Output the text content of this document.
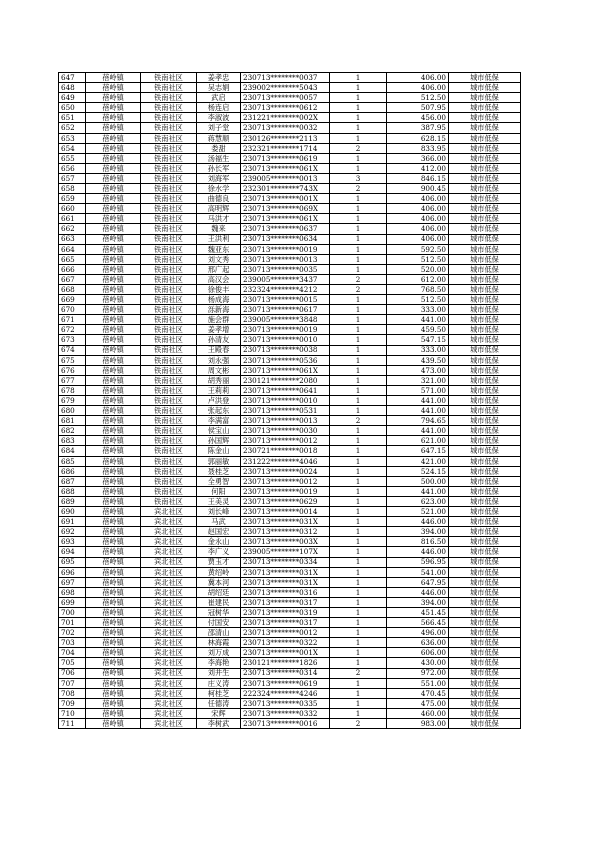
647	蓓岭镇	铁南社区	姜孝忠	230713********0037	1	406.00	城市低保
648	蓓岭镇	铁南社区	吴志娟	239002********5043	1	406.00	城市低保
649	蓓岭镇	铁南社区	武启	230713********0057	1	512.50	城市低保
650	蓓岭镇	铁南社区	杨连启	230713********0612	1	507.95	城市低保
651	蓓岭镇	铁南社区	李淑波	231221********002X	1	456.00	城市低保
652	蓓岭镇	铁南社区	刘子堂	230713********0032	1	387.95	城市低保
653	蓓岭镇	铁南社区	蒋慧顺	230126********2113	1	628.15	城市低保
654	蓓岭镇	铁南社区	娄甜	232321********1714	2	833.95	城市低保
655	蓓岭镇	铁南社区	汤福生	230713********0619	1	366.00	城市低保
656	蓓岭镇	铁南社区	孙长军	230713********061X	1	412.00	城市低保
657	蓓岭镇	铁南社区	刘海军	239005********0013	3	846.15	城市低保
658	蓓岭镇	铁南社区	徐水学	232301********743X	2	900.45	城市低保
659	蓓岭镇	铁南社区	曲德良	230713********001X	1	406.00	城市低保
660	蓓岭镇	铁南社区	高明辉	230713********069X	1	406.00	城市低保
661	蓓岭镇	铁南社区	马洪才	230713********061X	1	406.00	城市低保
662	蓓岭镇	铁南社区	魏来	230713********0637	1	406.00	城市低保
663	蓓岭镇	铁南社区	王洪利	230713********0634	1	406.00	城市低保
664	蓓岭镇	铁南社区	魏亚东	230713********0019	1	592.50	城市低保
665	蓓岭镇	铁南社区	刘文秀	230713********0013	1	512.50	城市低保
666	蓓岭镇	铁南社区	邢广起	230713********0035	1	520.00	城市低保
667	蓓岭镇	铁南社区	高汉会	239005********3437	2	612.00	城市低保
668	蓓岭镇	铁南社区	徐俊丰	232324********4212	2	768.50	城市低保
669	蓓岭镇	铁南社区	杨成海	230713********0015	1	512.50	城市低保
670	蓓岭镇	铁南社区	泺新海	230713********0617	1	333.00	城市低保
671	蓓岭镇	铁南社区	施会群	239005********3848	1	441.00	城市低保
672	蓓岭镇	铁南社区	姜孝增	230713********0019	1	459.50	城市低保
673	蓓岭镇	铁南社区	孙清友	230713********0010	1	547.15	城市低保
674	蓓岭镇	铁南社区	王殿春	230713********0038	1	333.00	城市低保
675	蓓岭镇	铁南社区	刘永强	230713********0536	1	439.50	城市低保
676	蓓岭镇	铁南社区	周文彬	230713********061X	1	473.00	城市低保
677	蓓岭镇	铁南社区	胡秀丽	230121********2080	1	321.00	城市低保
678	蓓岭镇	铁南社区	王莉莉	230713********0641	1	571.00	城市低保
679	蓓岭镇	铁南社区	卢洪登	230713********0010	1	441.00	城市低保
680	蓓岭镇	铁南社区	张起东	230713********0531	1	441.00	城市低保
681	蓓岭镇	铁南社区	李满富	230713********0013	2	794.65	城市低保
682	蓓岭镇	铁南社区	侯宝山	230713********0030	1	441.00	城市低保
683	蓓岭镇	铁南社区	孙国辉	230713********0012	1	621.00	城市低保
684	蓓岭镇	铁南社区	陈金山	230721********0018	1	647.15	城市低保
685	蓓岭镇	铁南社区	郭丽敏	231222********4046	1	421.00	城市低保
686	蓓岭镇	铁南社区	聂桂芝	230713********0024	1	524.15	城市低保
687	蓓岭镇	铁南社区	全勇智	230713********0012	1	500.00	城市低保
688	蓓岭镇	铁南社区	何阳	230713********0019	1	441.00	城市低保
689	蓓岭镇	铁南社区	王美灵	230713********0629	1	623.00	城市低保
690	蓓岭镇	宾北社区	刘长峰	230713********0014	1	521.00	城市低保
691	蓓岭镇	宾北社区	马武	230713********031X	1	446.00	城市低保
692	蓓岭镇	宾北社区	赵国宏	230713********0312	1	394.00	城市低保
693	蓓岭镇	宾北社区	金永山	230713********003X	1	816.50	城市低保
694	蓓岭镇	宾北社区	李广义	239005********107X	1	446.00	城市低保
695	蓓岭镇	宾北社区	贾玉才	230713********0334	1	596.95	城市低保
696	蓓岭镇	宾北社区	黄绍岭	230713********031X	1	541.00	城市低保
697	蓓岭镇	宾北社区	冀本河	230713********031X	1	647.95	城市低保
698	蓓岭镇	宾北社区	胡绍廷	230713********0316	1	446.00	城市低保
699	蓓岭镇	宾北社区	崔建民	230713********0317	1	394.00	城市低保
700	蓓岭镇	宾北社区	冠树华	230713********0319	1	451.45	城市低保
701	蓓岭镇	宾北社区	付国安	230713********0317	1	566.45	城市低保
702	蓓岭镇	宾北社区	邵清山	230713********0012	1	496.00	城市低保
703	蓓岭镇	宾北社区	林海霞	230713********0322	1	636.00	城市低保
704	蓓岭镇	宾北社区	刘万成	230713********001X	1	606.00	城市低保
705	蓓岭镇	宾北社区	李海艳	230121********1826	1	430.00	城市低保
706	蓓岭镇	宾北社区	刘井生	230713********0314	2	972.00	城市低保
707	蓓岭镇	宾北社区	庄义涛	230713********0619	1	551.00	城市低保
708	蓓岭镇	宾北社区	柯桂芝	222324********4246	1	470.45	城市低保
709	蓓岭镇	宾北社区	任德涛	230713********0335	1	475.00	城市低保
710	蓓岭镇	宾北社区	宋辉	230713********0332	1	460.00	城市低保
711	蓓岭镇	宾北社区	李树武	230713********0016	2	983.00	城市低保
